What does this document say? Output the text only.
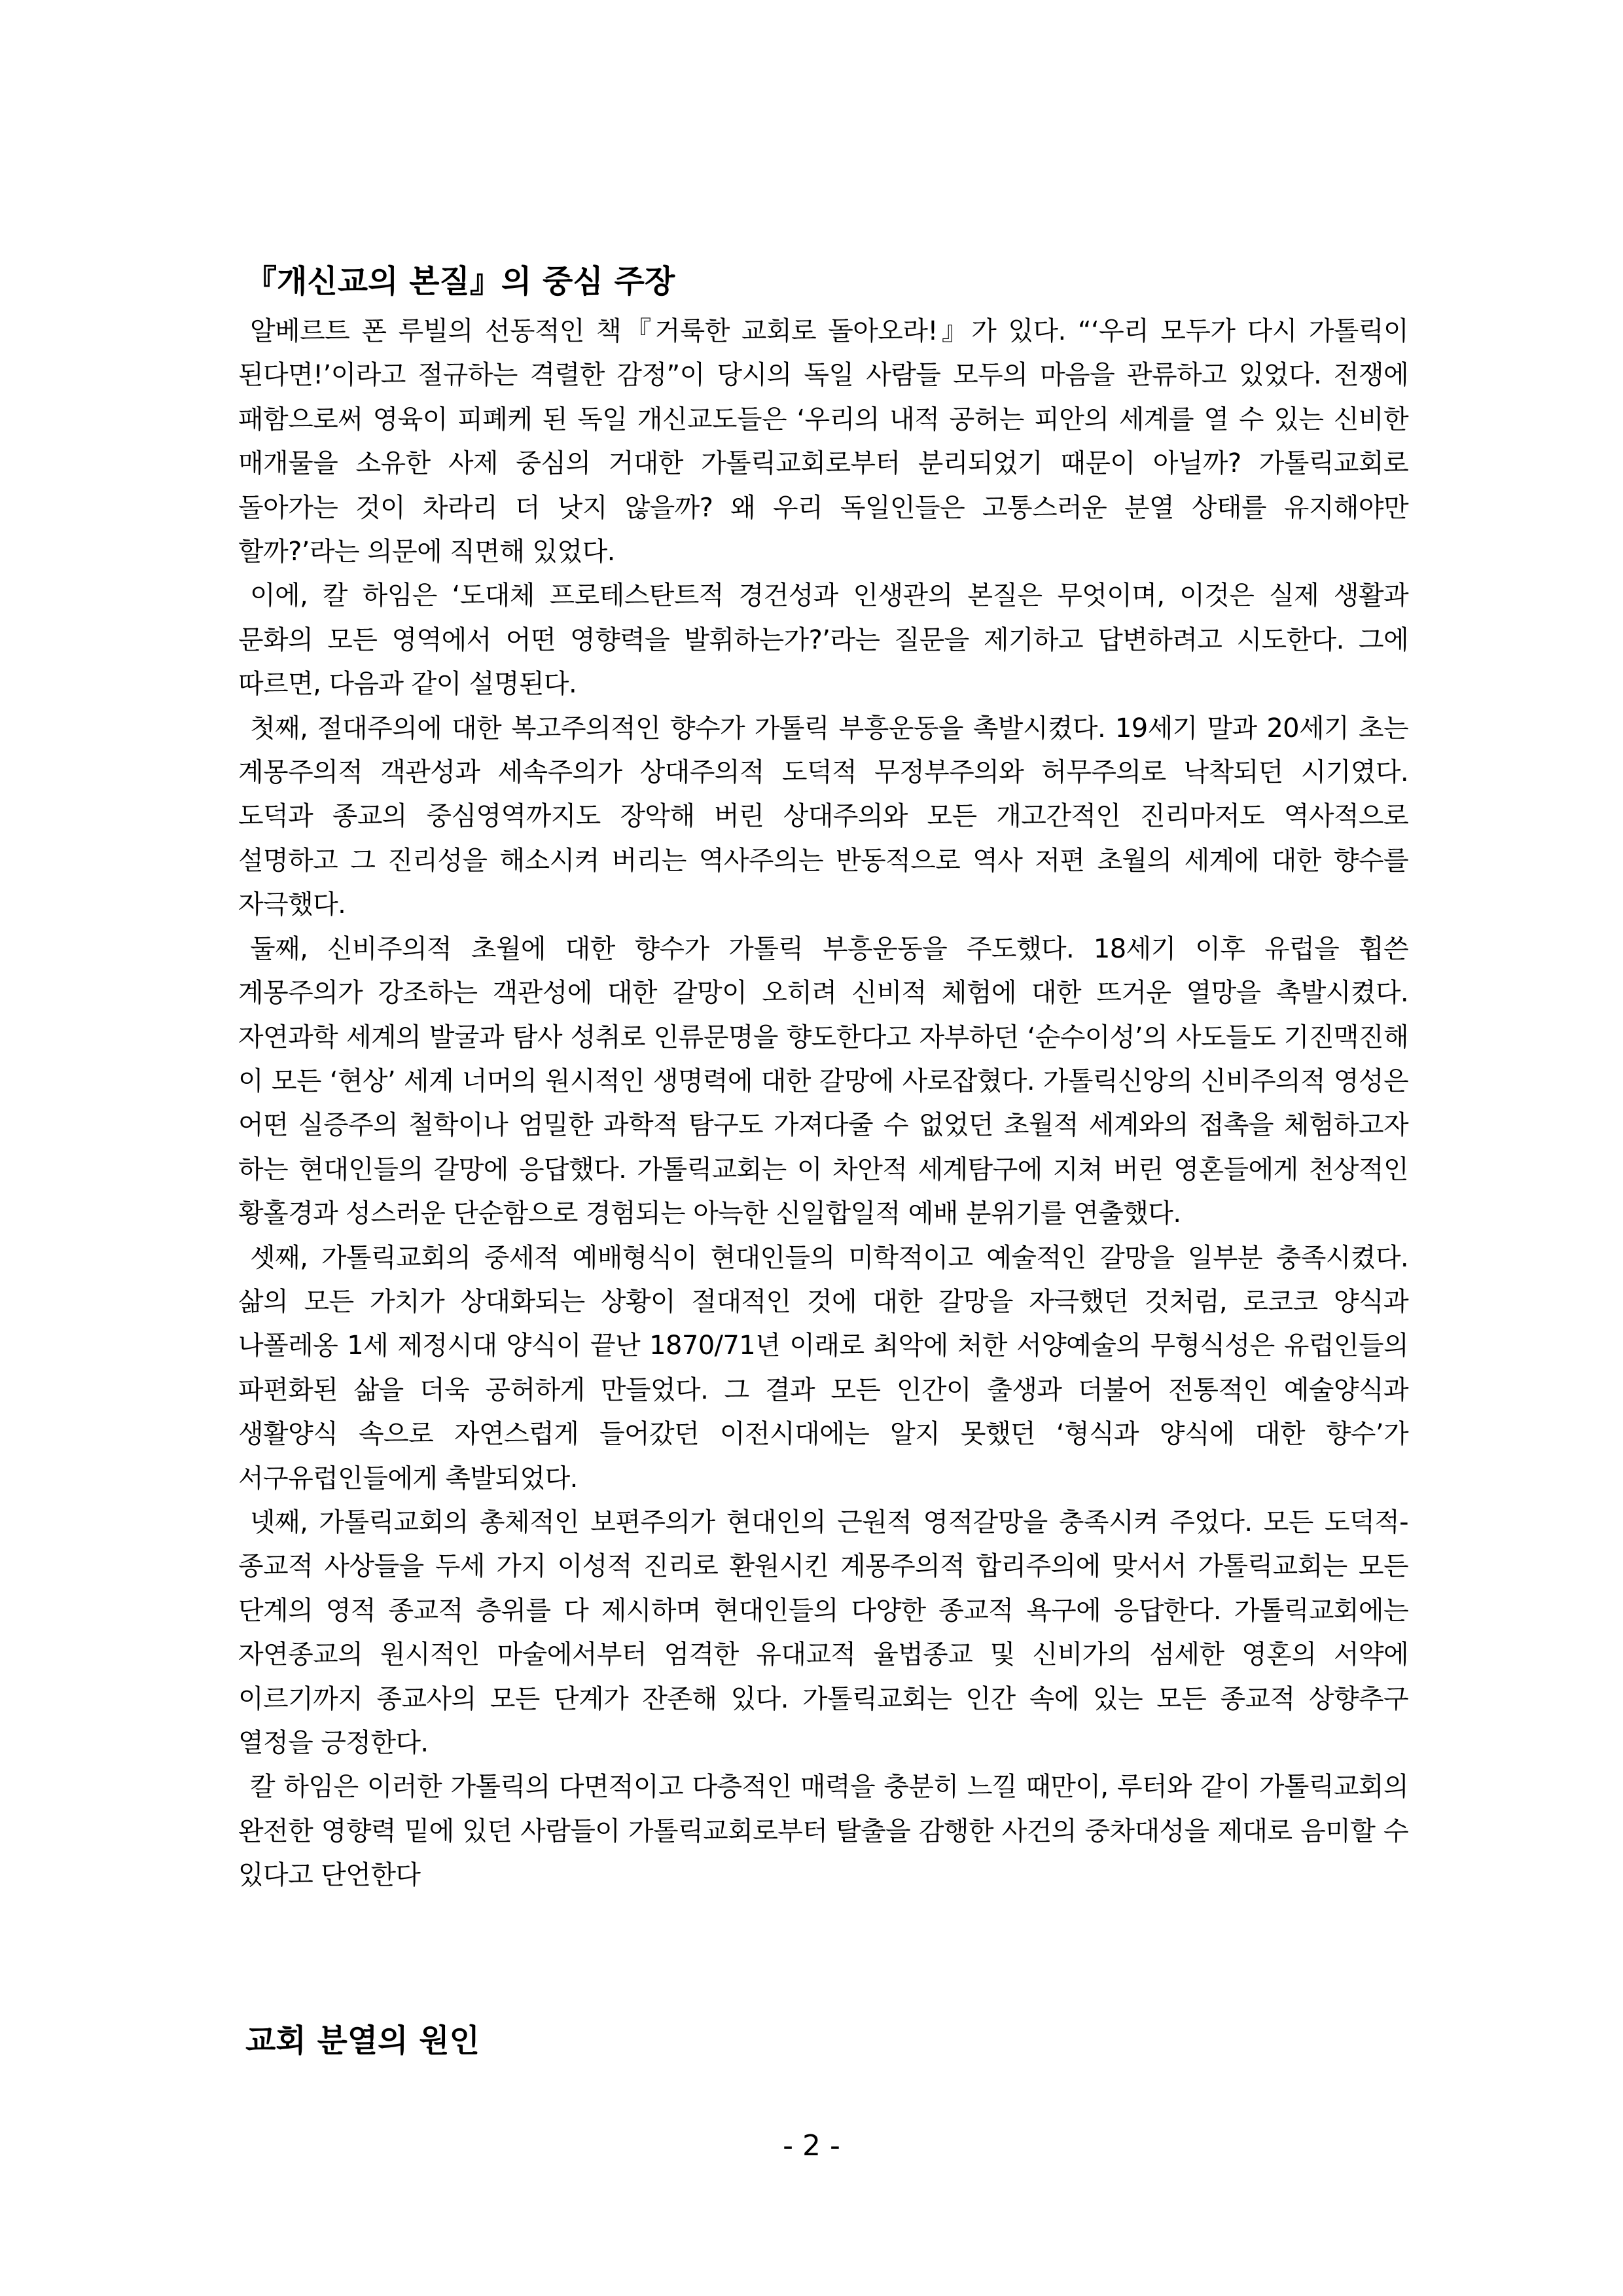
『개신교의 본질』의 중심 주장

알베르트 폰 루빌의 선동적인 책『거룩한 교회로 돌아오라!』가 있다. “‘우리 모두가 다시 가톨릭이 된다면!’이라고 절규하는 격렬한 감정”이 당시의 독일 사람들 모두의 마음을 관류하고 있었다. 전쟁에 패함으로써 영육이 피폐케 된 독일 개신교도들은 ‘우리의 내적 공허는 피안의 세계를 열 수 있는 신비한 매개물을 소유한 사제 중심의 거대한 가톨릭교회로부터 분리되었기 때문이 아닐까? 가톨릭교회로 돌아가는 것이 차라리 더 낫지 않을까? 왜 우리 독일인들은 고통스러운 분열 상태를 유지해야만 할까?’라는 의문에 직면해 있었다.

이에, 칼 하임은 ‘도대체 프로테스탄트적 경건성과 인생관의 본질은 무엇이며, 이것은 실제 생활과 문화의 모든 영역에서 어떤 영향력을 발휘하는가?’라는 질문을 제기하고 답변하려고 시도한다. 그에 따르면, 다음과 같이 설명된다.

첫째, 절대주의에 대한 복고주의적인 향수가 가톨릭 부흥운동을 촉발시켰다. 19세기 말과 20세기 초는 계몽주의적 객관성과 세속주의가 상대주의적 도덕적 무정부주의와 허무주의로 낙착되던 시기였다. 도덕과 종교의 중심영역까지도 장악해 버린 상대주의와 모든 개고간적인 진리마저도 역사적으로 설명하고 그 진리성을 해소시켜 버리는 역사주의는 반동적으로 역사 저편 초월의 세계에 대한 향수를 자극했다.

둘째, 신비주의적 초월에 대한 향수가 가톨릭 부흥운동을 주도했다. 18세기 이후 유럽을 휩쓴 계몽주의가 강조하는 객관성에 대한 갈망이 오히려 신비적 체험에 대한 뜨거운 열망을 촉발시켰다. 자연과학 세계의 발굴과 탐사 성취로 인류문명을 향도한다고 자부하던 ‘순수이성’의 사도들도 기진맥진해 이 모든 ‘현상’ 세계 너머의 원시적인 생명력에 대한 갈망에 사로잡혔다. 가톨릭신앙의 신비주의적 영성은 어떤 실증주의 철학이나 엄밀한 과학적 탐구도 가져다줄 수 없었던 초월적 세계와의 접촉을 체험하고자 하는 현대인들의 갈망에 응답했다. 가톨릭교회는 이 차안적 세계탐구에 지쳐 버린 영혼들에게 천상적인 황홀경과 성스러운 단순함으로 경험되는 아늑한 신일합일적 예배 분위기를 연출했다.

셋째, 가톨릭교회의 중세적 예배형식이 현대인들의 미학적이고 예술적인 갈망을 일부분 충족시켰다. 삶의 모든 가치가 상대화되는 상황이 절대적인 것에 대한 갈망을 자극했던 것처럼, 로코코 양식과 나폴레옹 1세 제정시대 양식이 끝난 1870/71년 이래로 최악에 처한 서양예술의 무형식성은 유럽인들의 파편화된 삶을 더욱 공허하게 만들었다. 그 결과 모든 인간이 출생과 더불어 전통적인 예술양식과 생활양식 속으로 자연스럽게 들어갔던 이전시대에는 알지 못했던 ‘형식과 양식에 대한 향수’가 서구유럽인들에게 촉발되었다.

넷째, 가톨릭교회의 총체적인 보편주의가 현대인의 근원적 영적갈망을 충족시켜 주었다. 모든 도덕적-종교적 사상들을 두세 가지 이성적 진리로 환원시킨 계몽주의적 합리주의에 맞서서 가톨릭교회는 모든 단계의 영적 종교적 층위를 다 제시하며 현대인들의 다양한 종교적 욕구에 응답한다. 가톨릭교회에는 자연종교의 원시적인 마술에서부터 엄격한 유대교적 율법종교 및 신비가의 섬세한 영혼의 서약에 이르기까지 종교사의 모든 단계가 잔존해 있다. 가톨릭교회는 인간 속에 있는 모든 종교적 상향추구 열정을 긍정한다.

칼 하임은 이러한 가톨릭의 다면적이고 다층적인 매력을 충분히 느낄 때만이, 루터와 같이 가톨릭교회의 완전한 영향력 밑에 있던 사람들이 가톨릭교회로부터 탈출을 감행한 사건의 중차대성을 제대로 음미할 수 있다고 단언한다

교회 분열의 원인
- 2 -
